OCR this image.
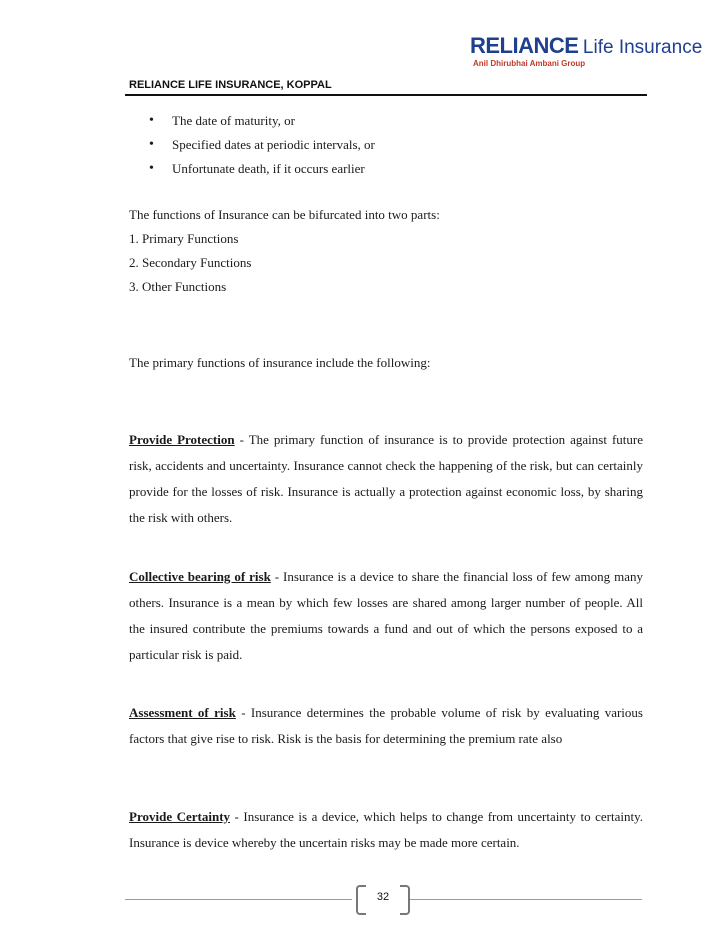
RELIANCE Life Insurance
Anil Dhirubhai Ambani Group
RELIANCE LIFE INSURANCE, KOPPAL
• The date of maturity, or
• Specified dates at periodic intervals, or
• Unfortunate death, if it occurs earlier
The functions of Insurance can be bifurcated into two parts:
1. Primary Functions
2. Secondary Functions
3. Other Functions
The primary functions of insurance include the following:

Provide Protection - The primary function of insurance is to provide protection against future risk, accidents and uncertainty. Insurance cannot check the happening of the risk, but can certainly provide for the losses of risk. Insurance is actually a protection against economic loss, by sharing the risk with others.

Collective bearing of risk - Insurance is a device to share the financial loss of few among many others. Insurance is a mean by which few losses are shared among larger number of people. All the insured contribute the premiums towards a fund and out of which the persons exposed to a particular risk is paid.

Assessment of risk - Insurance determines the probable volume of risk by evaluating various factors that give rise to risk. Risk is the basis for determining the premium rate also

Provide Certainty - Insurance is a device, which helps to change from uncertainty to certainty. Insurance is device whereby the uncertain risks may be made more certain.

32
